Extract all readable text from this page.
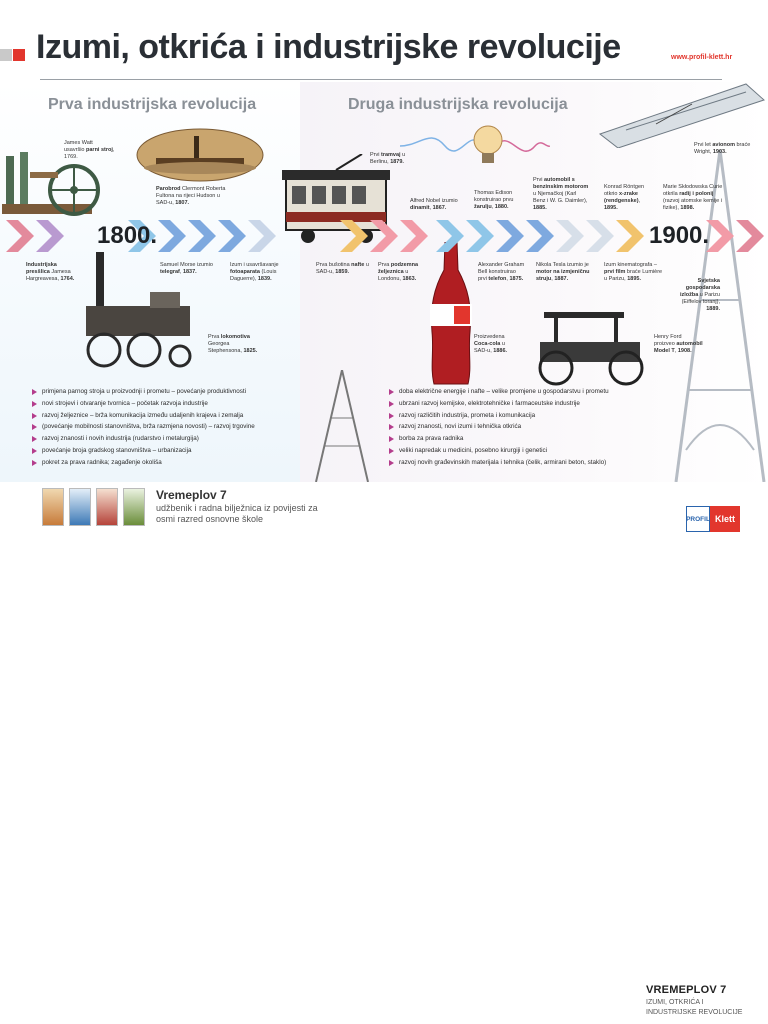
Izumi, otkrića i industrijske revolucije	www.profil-klett.hr
Prva industrijska revolucija	Druga industrijska revolucija
1800.	1900.
James Watt
usavršio parni stroj,
1769.
Parobrod Clermont Roberta
Fultona na rijeci Hudson u
SAD-u, 1807.
Industrijska
presšlica Jamesa
Hargreavesa, 1764.
Samuel Morse izumio
telegraf, 1837.
Izum i usavršavanje
fotoaparata (Louis
Daguerre), 1839.
Prva lokomotiva
Georgea
Stephensona, 1825.
Prvi tramvaj u
Berlinu, 1879.
Alfred Nobel izumio
dinamit, 1867.
Thomas Edison
konstruirao prvu
žarulju, 1880.
Prvi automobil s
benzinskim motorom
u Njemačkoj (Karl
Benz i W. G. Daimler),
1885.
Konrad Röntgen
otkrio x-zrake
(rendgenske),
1895.
Marie Skłodowska Curie
otkrila radij i polonij
(razvoj atomske kemije i
fizike), 1898.
Prvi let avionom braće
Wright, 1903.
Prva bušotina nafte u
SAD-u, 1859.
Prva podzemna
željeznica u
Londonu, 1863.
Alexander Graham
Bell konstruirao
prvi telefon, 1875.
Nikola Tesla izumio je
motor na izmjeničnu
struju, 1887.
Izum kinematografa –
prvi film braće Lumière
u Parizu, 1895.	Svjetska
gospodarska
izložba u Parizu
(Eiffelov toranj),
1889.
Proizvedena
Coca-cola u
SAD-u, 1886.
Henry Ford
proizveo automobil
Model T, 1908.
primjena parnog stroja u proizvodnji i prometu – povećanje produktivnosti
novi strojevi i otvaranje tvornica – početak razvoja industrije
razvoj željeznice – brža komunikacija između udaljenih krajeva i zemalja
(povećanje mobilnosti stanovništva, brža razmjena novosti) – razvoj trgovine
razvoj znanosti i novih industrija (rudarstvo i metalurgija)
povećanje broja gradskog stanovništva – urbanizacija
pokret za prava radnika; zagađenje okoliša
doba električne energije i nafte – velike promjene u gospodarstvu i prometu
ubrzani razvoj kemijske, elektrotehničke i farmaceutske industrije
razvoj različitih industrija, prometa i komunikacija
razvoj znanosti, novi izumi i tehnička otkrića
borba za prava radnika
veliki napredak u medicini, posebno kirurgiji i genetici
razvoj novih građevinskih materijala i tehnika (čelik, armirani beton, staklo)
Vremeplov 7
udžbenik i radna bilježnica iz povijesti za osmi razred osnovne škole	PROFIL Klett
VREMEPLOV 7
IZUMI, OTKRIĆA I INDUSTRIJSKE REVOLUCIJE
